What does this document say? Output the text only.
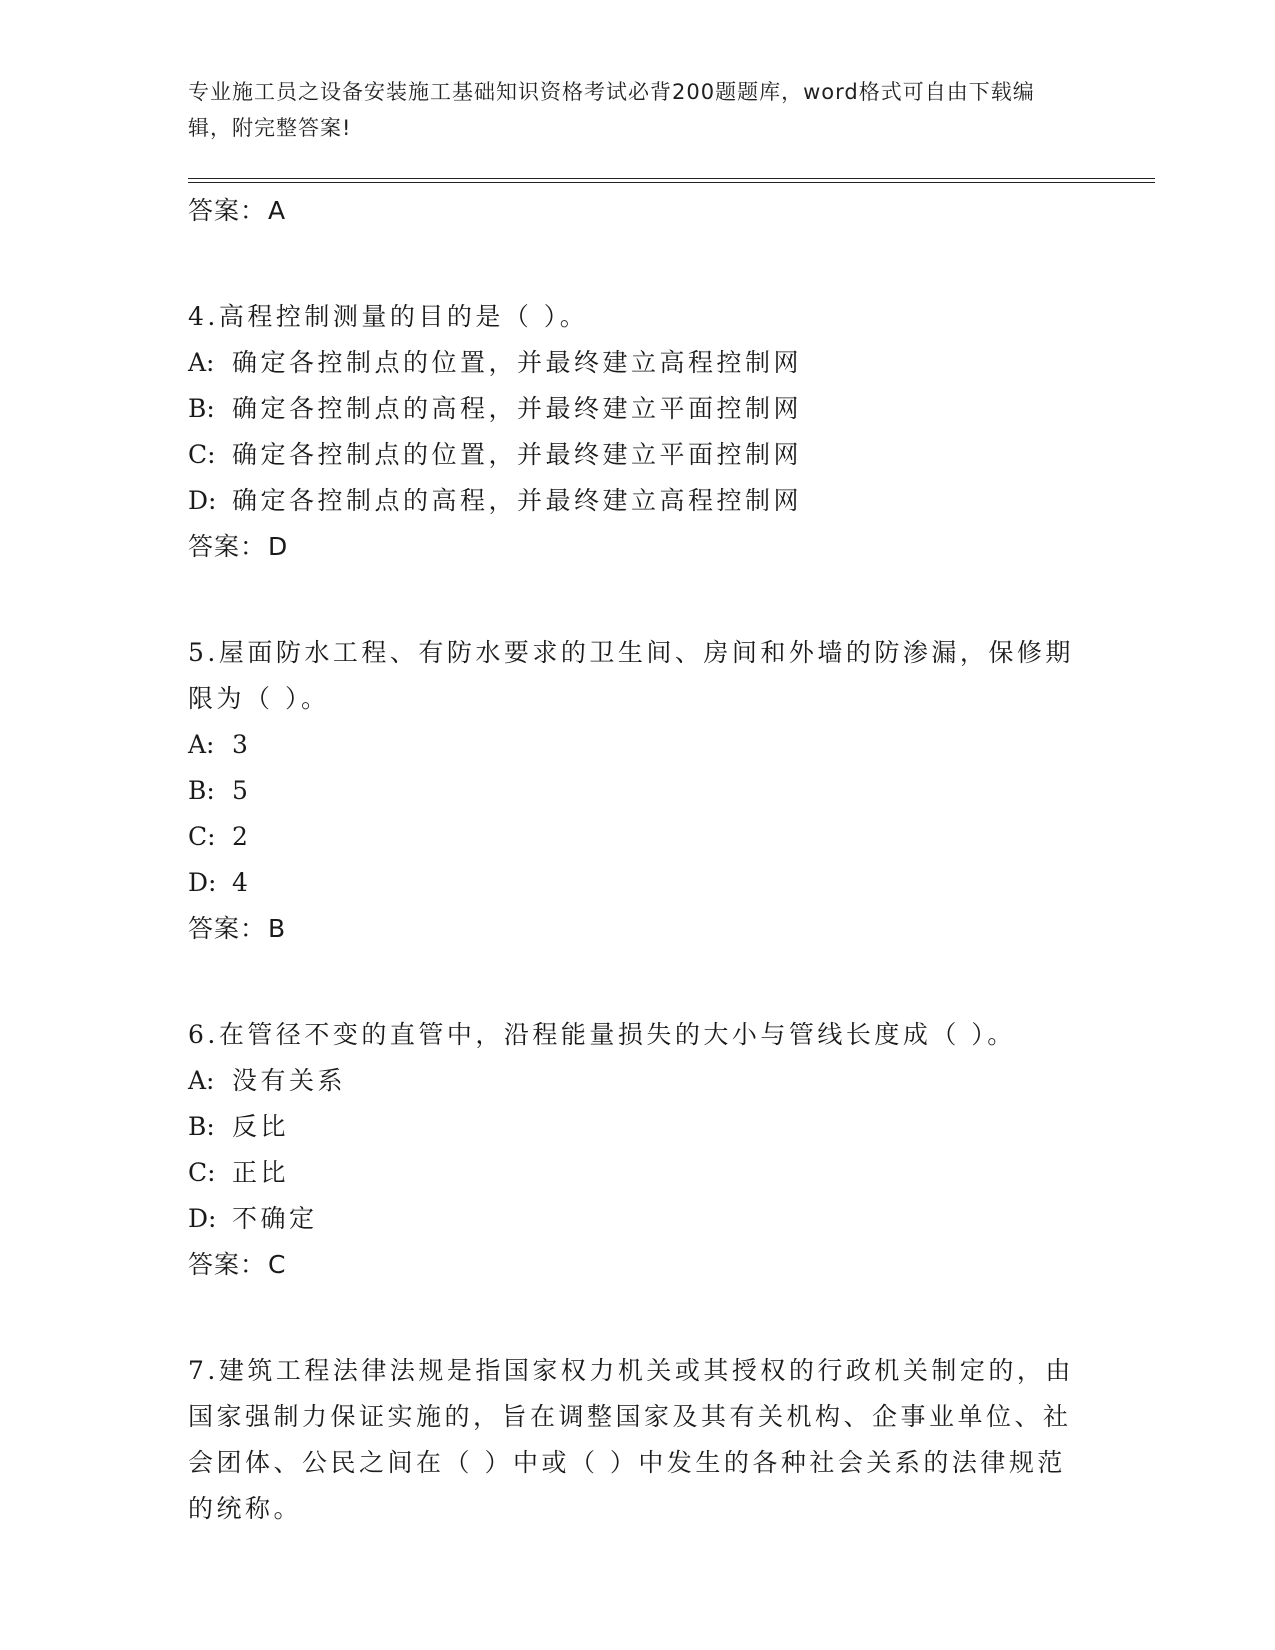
专业施工员之设备安装施工基础知识资格考试必背200题题库，word格式可自由下载编辑，附完整答案!
答案：A

4.高程控制测量的目的是（ ）。

A: 确定各控制点的位置，并最终建立高程控制网
B: 确定各控制点的高程，并最终建立平面控制网
C: 确定各控制点的位置，并最终建立平面控制网
D: 确定各控制点的高程，并最终建立高程控制网
答案：D

5.屋面防水工程、有防水要求的卫生间、房间和外墙的防渗漏，保修期限为（ ）。

A: 3
B: 5
C: 2
D: 4
答案：B

6.在管径不变的直管中，沿程能量损失的大小与管线长度成（ ）。

A: 没有关系
B: 反比
C: 正比
D: 不确定
答案：C

7.建筑工程法律法规是指国家权力机关或其授权的行政机关制定的，由国家强制力保证实施的，旨在调整国家及其有关机构、企事业单位、社会团体、公民之间在（ ）中或（ ）中发生的各种社会关系的法律规范的统称。
